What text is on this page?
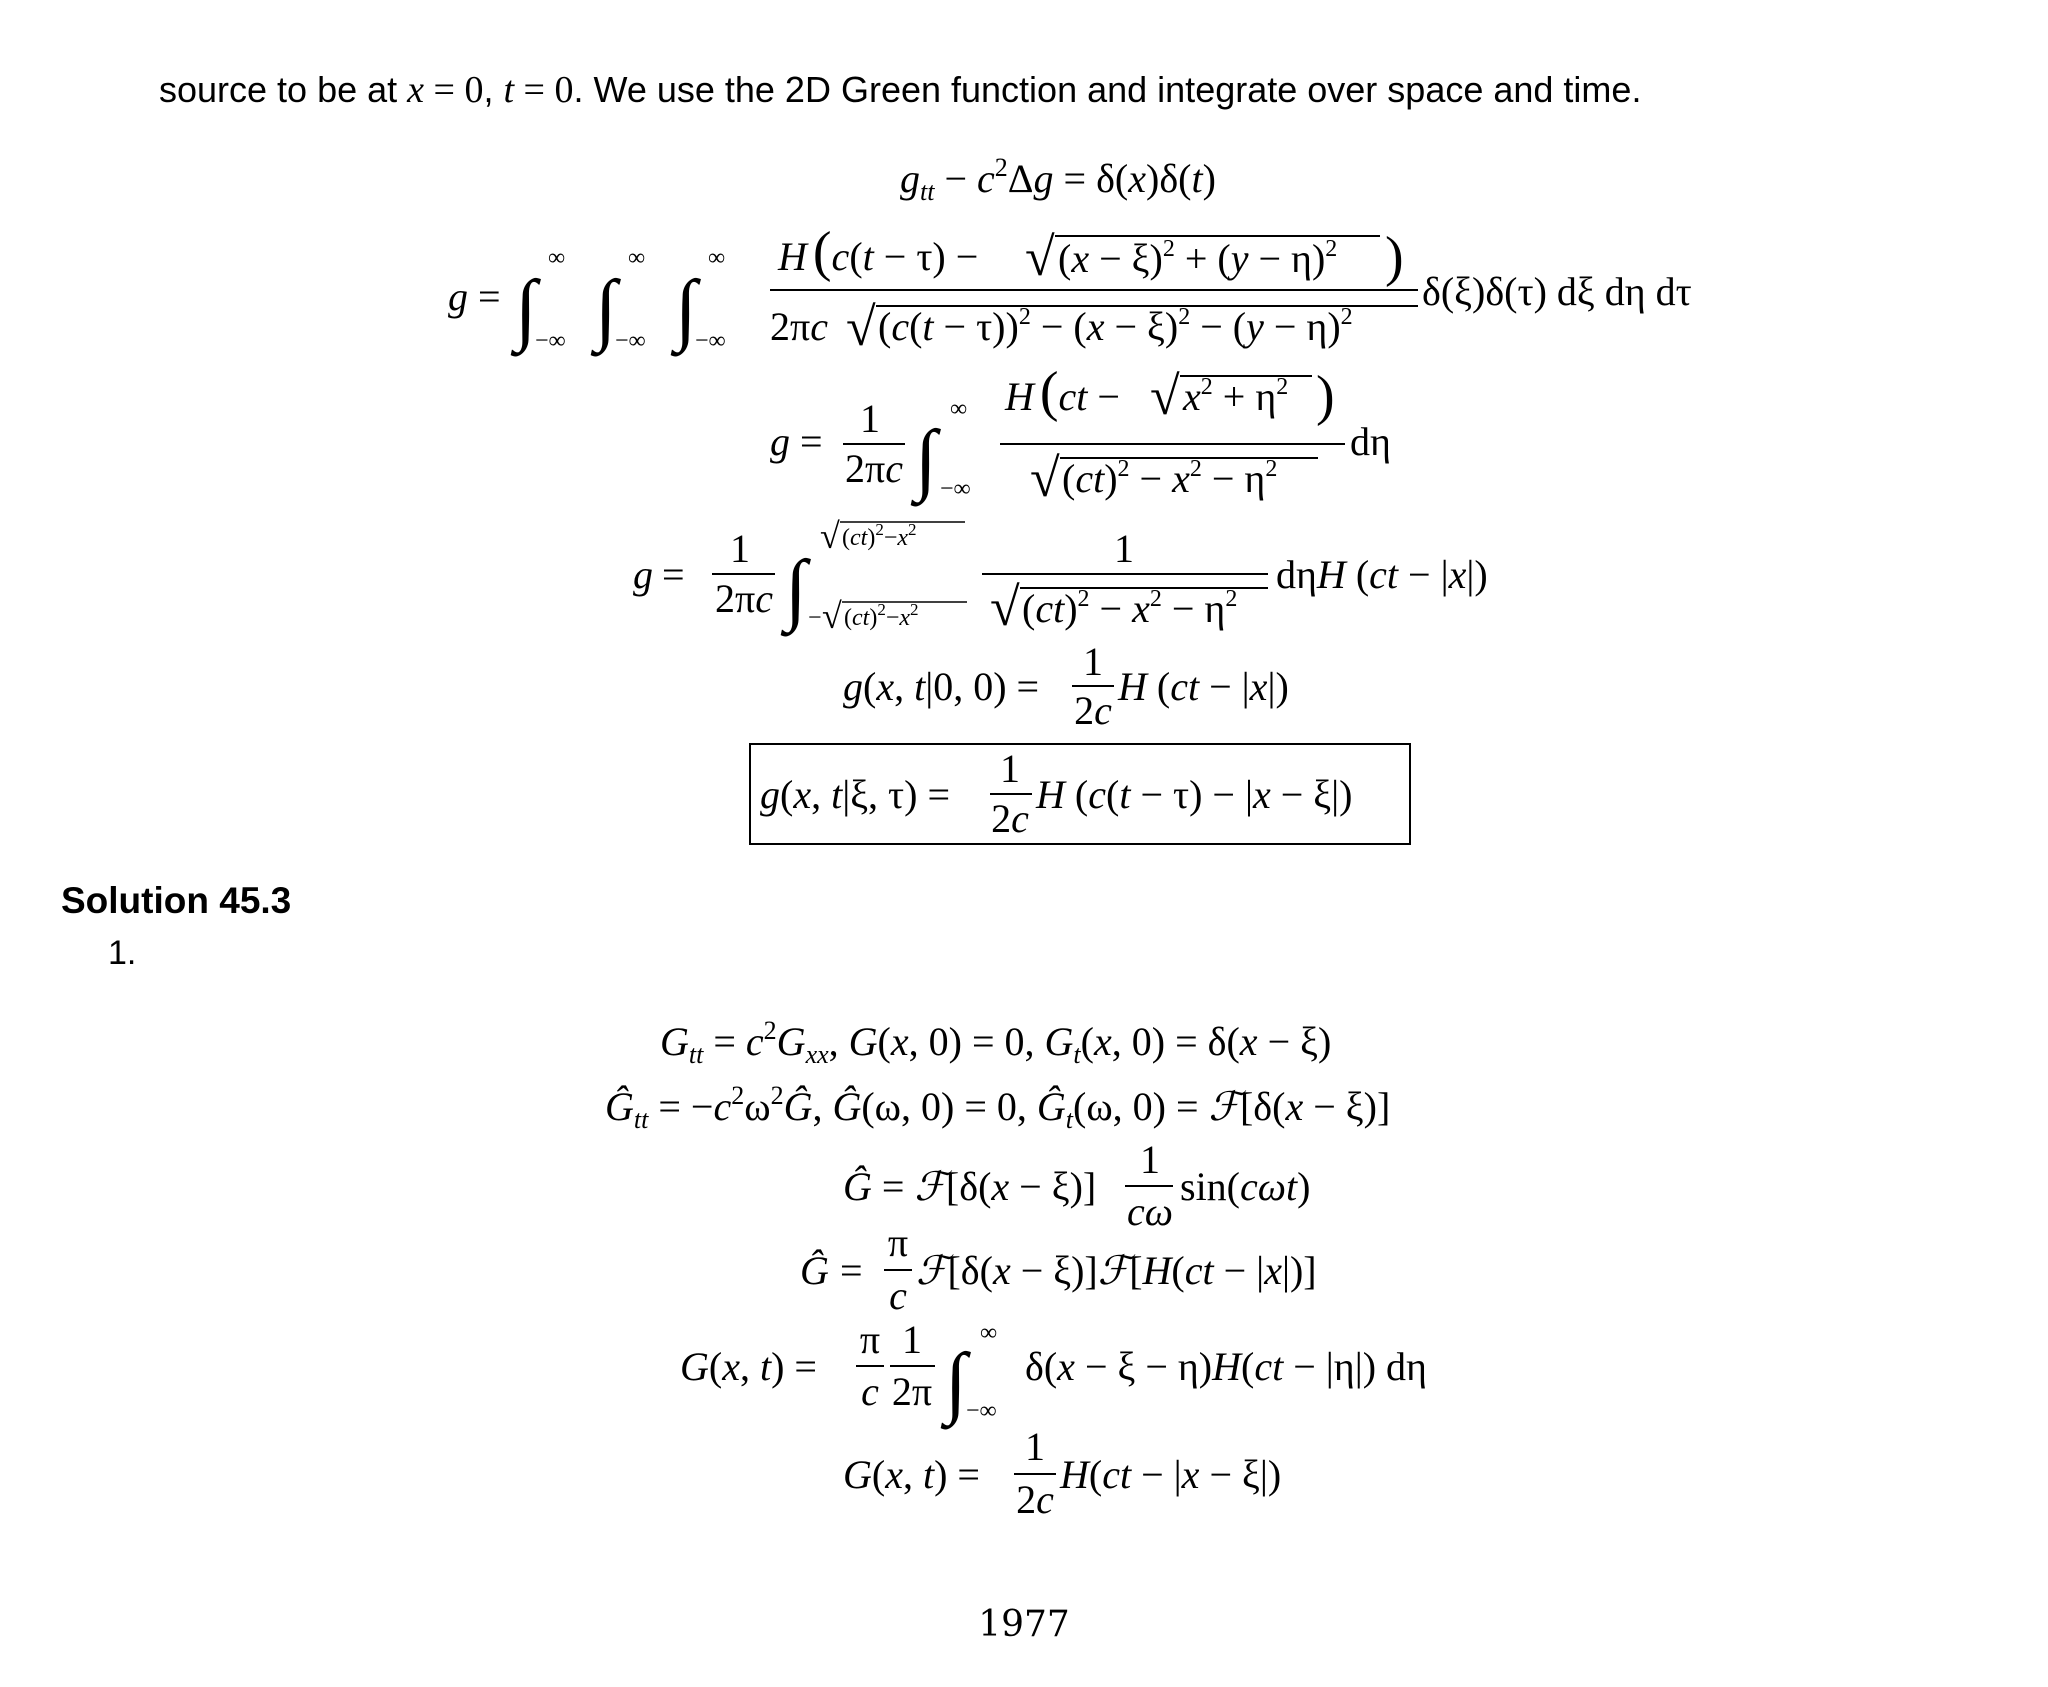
source to be at x = 0, t = 0. We use the 2D Green function and integrate over space and time.
$g_{tt} - c^2\Delta g = \delta(x)\delta(t)$
g = ∫
∞
−∞ ∫
∞
−∞ ∫
∞
−∞
H (c(t − τ) − √ $(x - \xi)^2 + (y - \eta)^2$ )
2πc √ $(c(t - \tau))^2 - (x - \xi)^2 - (y - \eta)^2$
δ(ξ)δ(τ) dξ dη dτ
g =
1
2πc ∫
∞
−∞
H (ct − √ $x^2 + \eta^2$ )
√ $(ct)^2 - x^2 - \eta^2$
dη
g =
1
2πc ∫
√ $(ct)^2-x^2$
− √ $(ct)^2-x^2$
1
√ $(ct)^2 - x^2 - \eta^2$
dηH (ct − |x|)
g(x, t|0, 0) =
1
2c
H (ct − |x|)
g(x, t|ξ, τ) =
1
2c
H (c(t − τ) − |x − ξ|)
Solution 45.3
1.
$G_{tt} = c^2G_{xx}$, G(x, 0) = 0, $G_t(x$, 0) = δ(x − ξ)
$Ĝ_{tt}$ = $-c^2\omega^2Ĝ$, Ĝ(ω, 0) = 0, $Ĝ_t(\omega$, 0) = ℱ[δ(x − ξ)]
Ĝ = ℱ[δ(x − ξ)]
1
cω
sin(cωt)
Ĝ =
π
c
ℱ[δ(x − ξ)]ℱ[H(ct − |x|)]
G(x, t) =
π
c
1
2π ∫
∞
−∞
δ(x − ξ − η)H(ct − |η|) dη
G(x, t) =
1
2c
H(ct − |x − ξ|)
1977
